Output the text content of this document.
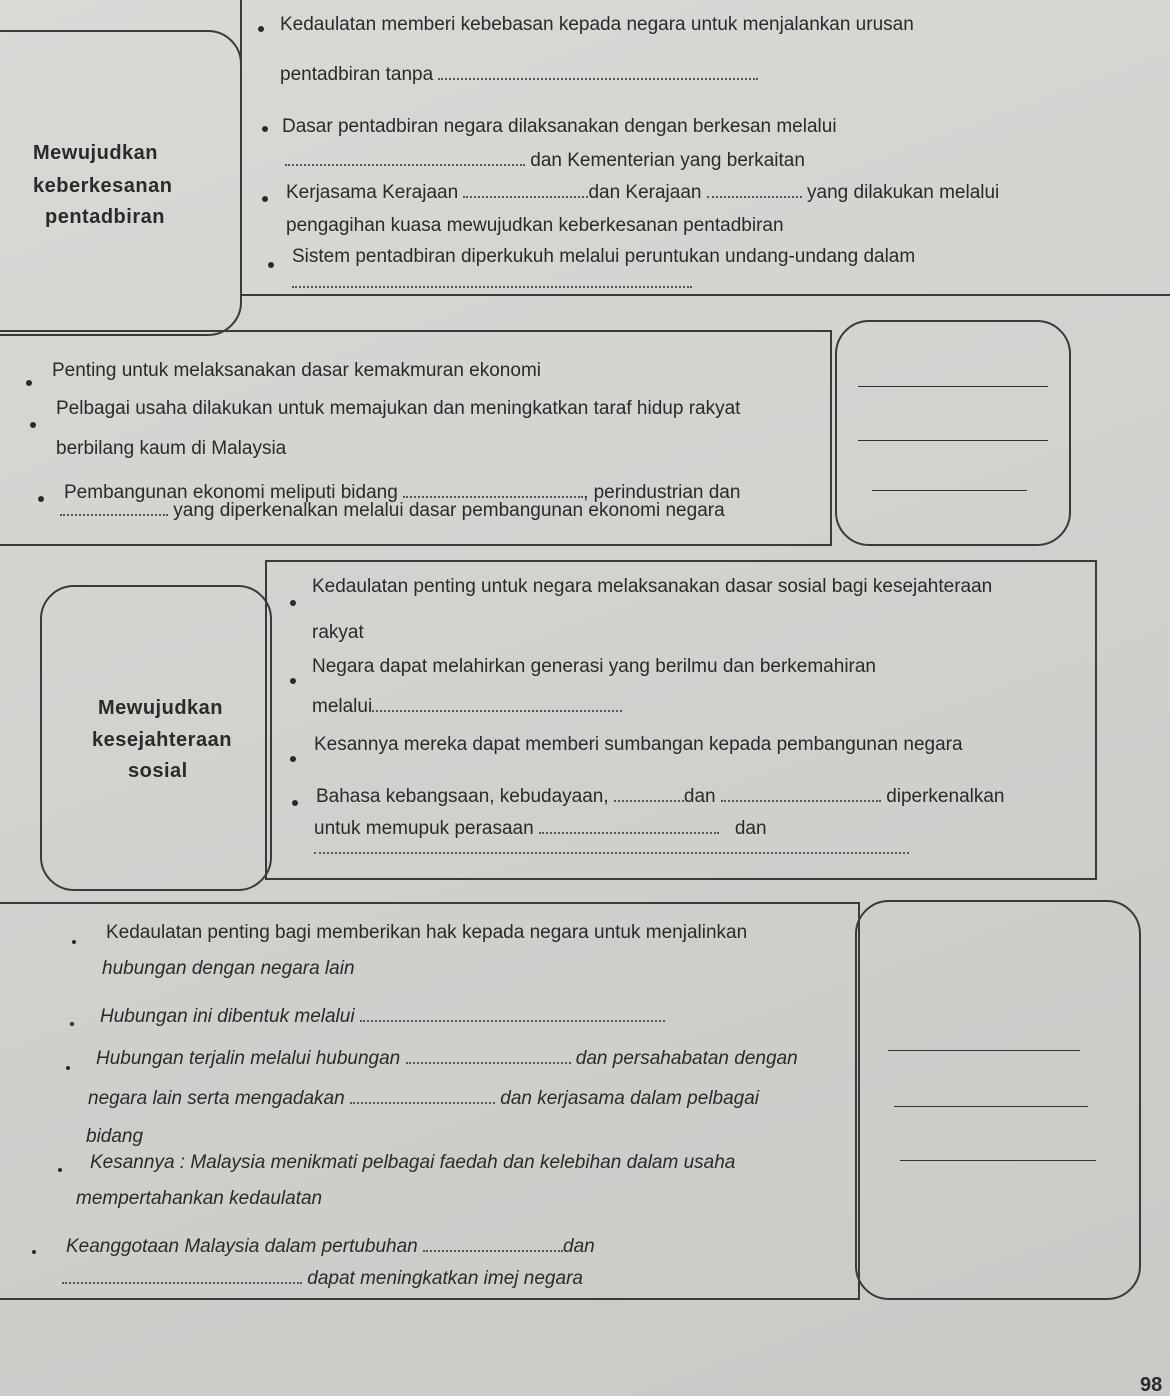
Mewujudkan
keberkesanan
pentadbiran
Kedaulatan memberi kebebasan kepada negara untuk menjalankan urusan
pentadbiran tanpa
Dasar pentadbiran negara dilaksanakan dengan berkesan melalui
dan Kementerian yang berkaitan
Kerjasama Kerajaan	dan Kerajaan	yang dilakukan melalui
pengagihan kuasa mewujudkan keberkesanan pentadbiran
Sistem pentadbiran diperkukuh melalui peruntukan undang-undang dalam
Penting untuk melaksanakan dasar kemakmuran ekonomi
Pelbagai usaha dilakukan untuk memajukan dan meningkatkan taraf hidup rakyat
berbilang kaum di Malaysia
Pembangunan ekonomi meliputi bidang	, perindustrian dan
yang diperkenalkan melalui dasar pembangunan ekonomi negara
Mewujudkan
kesejahteraan
sosial
Kedaulatan penting untuk negara melaksanakan dasar sosial bagi kesejahteraan
rakyat
Negara dapat melahirkan generasi yang berilmu dan berkemahiran
melalui
Kesannya mereka dapat memberi sumbangan kepada pembangunan negara
Bahasa kebangsaan, kebudayaan,	dan	diperkenalkan
untuk memupuk perasaan	dan
Kedaulatan penting bagi memberikan hak kepada negara untuk menjalinkan
hubungan dengan negara lain
Hubungan ini dibentuk melalui
Hubungan terjalin melalui hubungan	dan persahabatan dengan
negara lain serta mengadakan	dan kerjasama dalam pelbagai
bidang
Kesannya : Malaysia menikmati pelbagai faedah dan kelebihan dalam usaha
mempertahankan kedaulatan
Keanggotaan Malaysia dalam pertubuhan	dan
dapat meningkatkan imej negara
98
